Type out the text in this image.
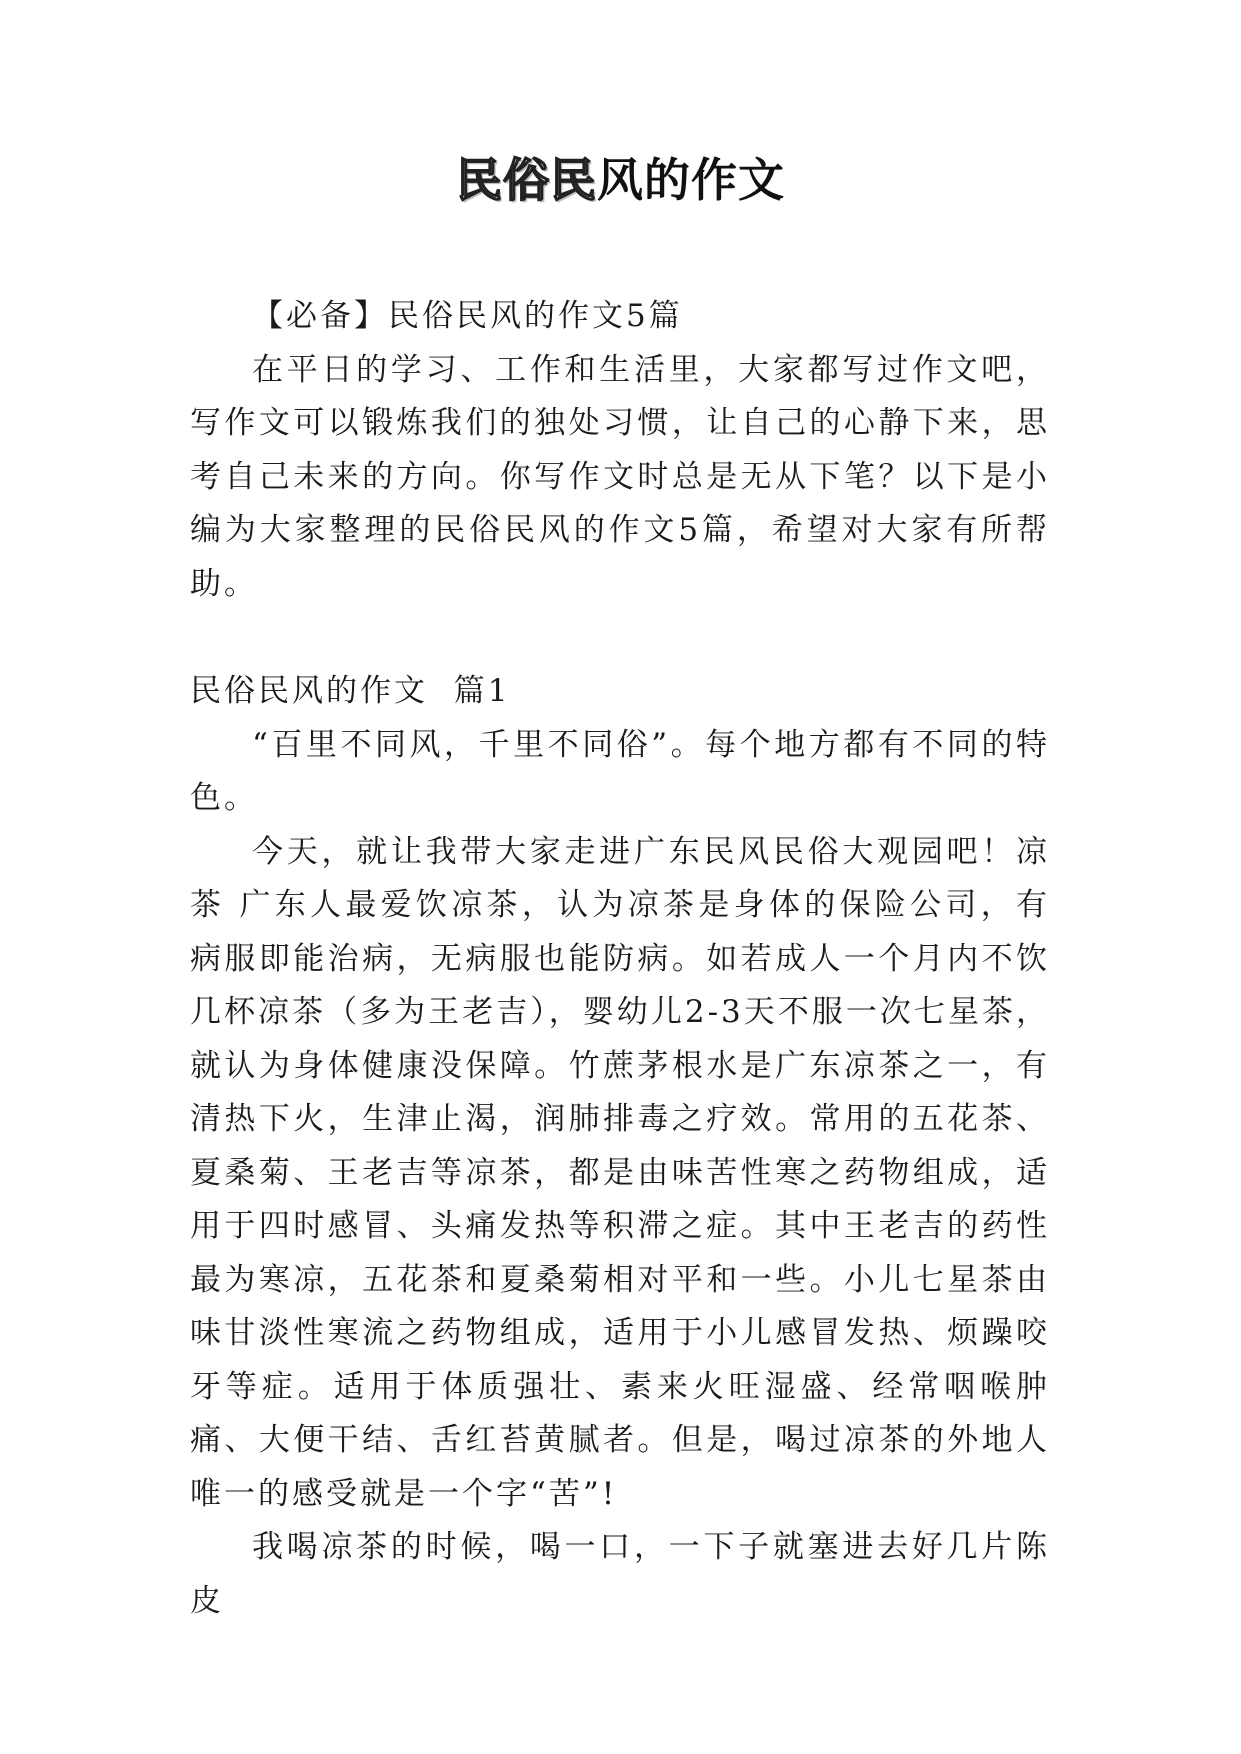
民俗民风的作文

【必备】民俗民风的作文5篇

在平日的学习、工作和生活里，大家都写过作文吧，写作文可以锻炼我们的独处习惯，让自己的心静下来，思考自己未来的方向。你写作文时总是无从下笔？以下是小编为大家整理的民俗民风的作文5篇，希望对大家有所帮助。

民俗民风的作文  篇1

“百里不同风，千里不同俗”。每个地方都有不同的特色。

今天，就让我带大家走进广东民风民俗大观园吧！凉茶 广东人最爱饮凉茶，认为凉茶是身体的保险公司，有病服即能治病，无病服也能防病。如若成人一个月内不饮几杯凉茶（多为王老吉），婴幼儿2-3天不服一次七星茶，就认为身体健康没保障。竹蔗茅根水是广东凉茶之一，有清热下火，生津止渴，润肺排毒之疗效。常用的五花茶、夏桑菊、王老吉等凉茶，都是由味苦性寒之药物组成，适用于四时感冒、头痛发热等积滞之症。其中王老吉的药性最为寒凉，五花茶和夏桑菊相对平和一些。小儿七星茶由味甘淡性寒流之药物组成，适用于小儿感冒发热、烦躁咬牙等症。适用于体质强壮、素来火旺湿盛、经常咽喉肿痛、大便干结、舌红苔黄腻者。但是，喝过凉茶的外地人唯一的感受就是一个字“苦”!

我喝凉茶的时候，喝一口，一下子就塞进去好几片陈皮
